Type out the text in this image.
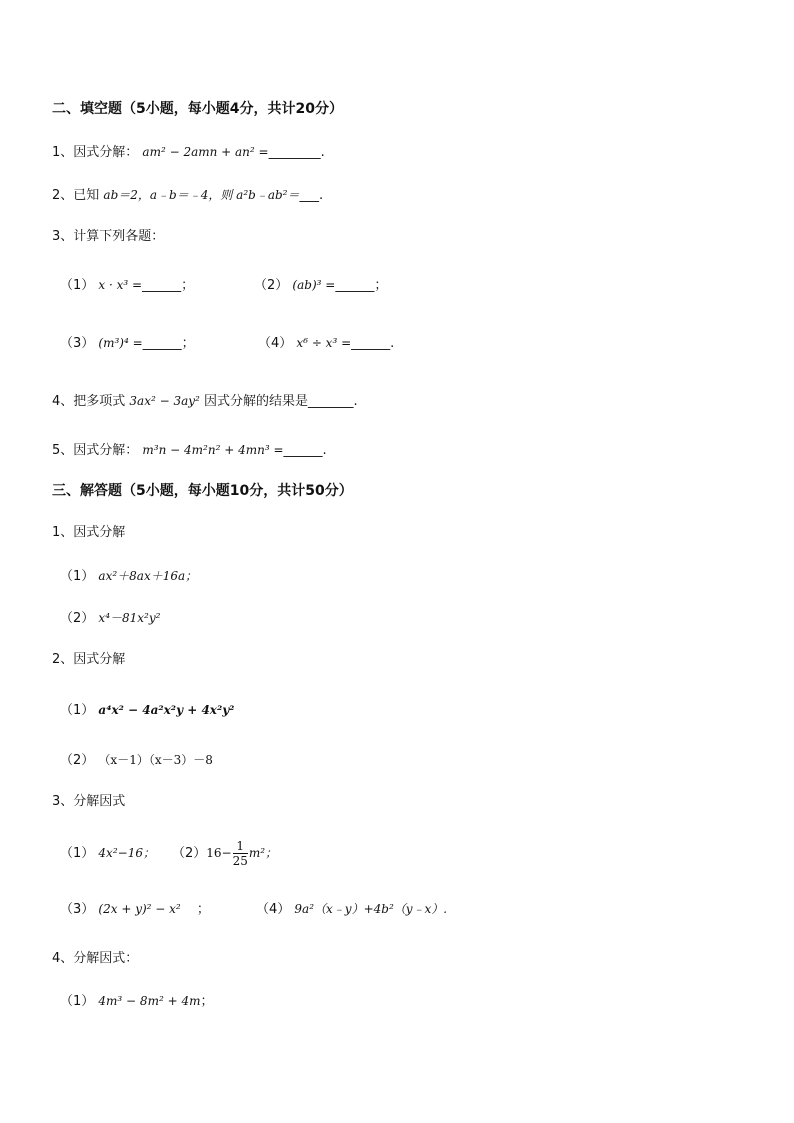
二、填空题（5小题，每小题4分，共计20分）
1、因式分解： am² − 2amn + an² =________.
2、已知 ab＝2，a﹣b＝﹣4，则 a²b﹣ab²＝___.
3、计算下列各题：
（1） x · x³ =______；	（2） (ab)³ =______；
（3） (m³)⁴ =______；	（4） x⁶ ÷ x³ =______.
4、把多项式 3ax² − 3ay² 因式分解的结果是_______.
5、因式分解： m³n − 4m²n² + 4mn³ =______.
三、解答题（5小题，每小题10分，共计50分）
1、因式分解
（1） ax²＋8ax＋16a；
（2） x⁴－81x²y²
2、因式分解
（1） a⁴x² − 4a²x²y + 4x²y²
（2） （x－1）（x－3）－8
3、分解因式
（1） 4x²−16； $(2)16- \frac{1}{25} m^2$；
（3） (2x + y)² − x² ；	（4） 9a²（x﹣y）+4b²（y﹣x）.
4、分解因式：
（1） 4m³ − 8m² + 4m；
